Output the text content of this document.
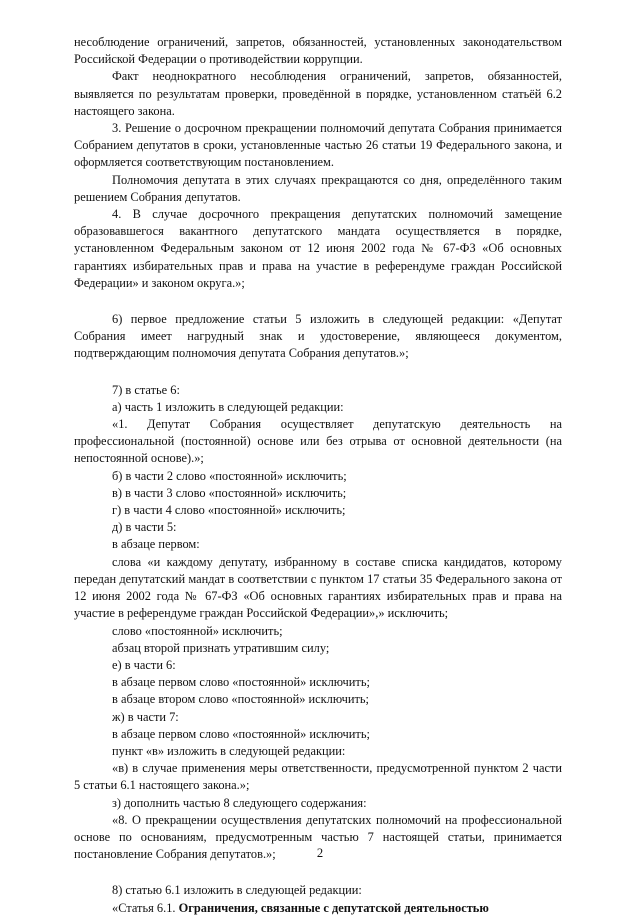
несоблюдение ограничений, запретов, обязанностей, установленных законодательством Российской Федерации о противодействии коррупции.

Факт неоднократного несоблюдения ограничений, запретов, обязанностей, выявляется по результатам проверки, проведённой в порядке, установленном статьёй 6.2 настоящего закона.

3. Решение о досрочном прекращении полномочий депутата Собрания принимается Собранием депутатов в сроки, установленные частью 26 статьи 19 Федерального закона, и оформляется соответствующим постановлением.

Полномочия депутата в этих случаях прекращаются со дня, определённого таким решением Собрания депутатов.

4. В случае досрочного прекращения депутатских полномочий замещение образовавшегося вакантного депутатского мандата осуществляется в порядке, установленном Федеральным законом от 12 июня 2002 года № 67-ФЗ «Об основных гарантиях избирательных прав и права на участие в референдуме граждан Российской Федерации» и законом округа.»;

6) первое предложение статьи 5 изложить в следующей редакции: «Депутат Собрания имеет нагрудный знак и удостоверение, являющееся документом, подтверждающим полномочия депутата Собрания депутатов.»;

7) в статье 6:

а) часть 1 изложить в следующей редакции:

«1. Депутат Собрания осуществляет депутатскую деятельность на профессиональной (постоянной) основе или без отрыва от основной деятельности (на непостоянной основе).»;

б) в части 2 слово «постоянной» исключить;

в) в части 3 слово «постоянной» исключить;

г) в части 4 слово «постоянной» исключить;

д) в части 5:

в абзаце первом:

слова «и каждому депутату, избранному в составе списка кандидатов, которому передан депутатский мандат в соответствии с пунктом 17 статьи 35 Федерального закона от 12 июня 2002 года № 67-ФЗ «Об основных гарантиях избирательных прав и права на участие в референдуме граждан Российской Федерации»,» исключить;

слово «постоянной» исключить;

абзац второй признать утратившим силу;

е) в части 6:

в абзаце первом слово «постоянной» исключить;

в абзаце втором слово «постоянной» исключить;

ж) в части 7:

в абзаце первом слово «постоянной» исключить;

пункт «в» изложить в следующей редакции:

«в) в случае применения меры ответственности, предусмотренной пунктом 2 части 5 статьи 6.1 настоящего закона.»;

з) дополнить частью 8 следующего содержания:

«8. О прекращении осуществления депутатских полномочий на профессиональной основе по основаниям, предусмотренным частью 7 настоящей статьи, принимается постановление Собрания депутатов.»;

8) статью 6.1 изложить в следующей редакции:

«Статья 6.1. Ограничения, связанные с депутатской деятельностью

2
